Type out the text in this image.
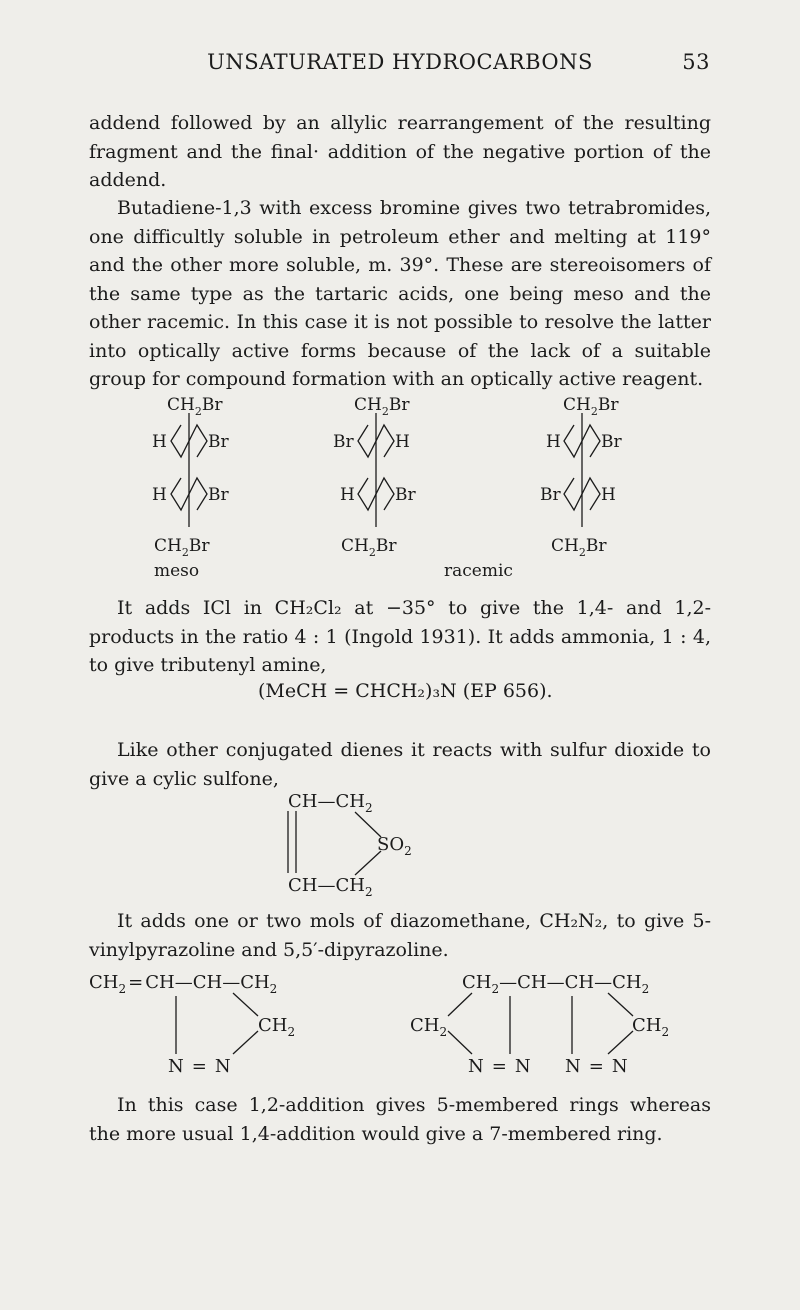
UNSATURATED HYDROCARBONS	53
addend followed by an allylic rearrangement of the resulting fragment and the final· addition of the negative portion of the addend.
Butadiene-1,3 with excess bromine gives two tetrabromides, one difficultly soluble in petroleum ether and melting at 119° and the other more soluble, m. 39°. These are stereoisomers of the same type as the tartaric acids, one being meso and the other racemic. In this case it is not possible to resolve the latter into optically active forms because of the lack of a suitable group for compound formation with an optically active reagent.
$CH_2Br$
H Br
H Br
$CH_2Br$
meso
$CH_2Br$
Br H
H Br
$CH_2Br$
$CH_2Br$
H Br
Br H
$CH_2Br$
racemic
It adds ICl in CH₂Cl₂ at −35° to give the 1,4- and 1,2-products in the ratio 4 : 1 (Ingold 1931). It adds ammonia, 1 : 4, to give tributenyl amine,
(MeCH = CHCH₂)₃N (EP 656).
Like other conjugated dienes it reacts with sulfur dioxide to give a cylic sulfone,
$CH—CH_2$
$SO_2$
$CH—CH_2$
It adds one or two mols of diazomethane, CH₂N₂, to give 5-vinylpyrazoline and 5,5′-dipyrazoline.
$CH_2$ = $CH—CH—CH_2$
$CH_2$
N = N
$CH_2—CH—CH—CH_2$
$CH_2$	$CH_2$
N = N N = N
In this case 1,2-addition gives 5-membered rings whereas the more usual 1,4-addition would give a 7-membered ring.
